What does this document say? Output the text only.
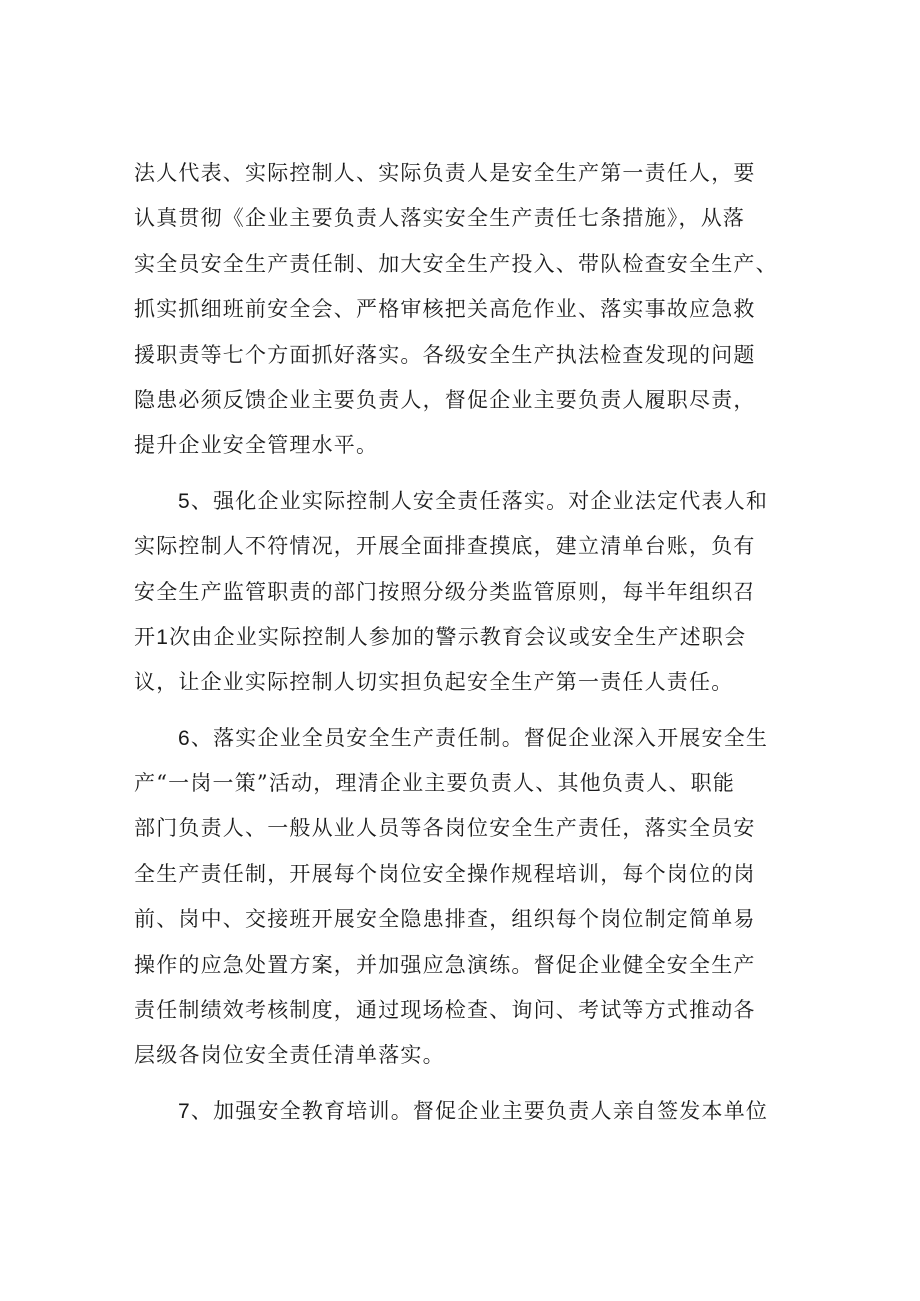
法人代表、实际控制人、实际负责人是安全生产第一责任人，要
认真贯彻《企业主要负责人落实安全生产责任七条措施》，从落
实全员安全生产责任制、加大安全生产投入、带队检查安全生产、
抓实抓细班前安全会、严格审核把关高危作业、落实事故应急救
援职责等七个方面抓好落实。各级安全生产执法检查发现的问题
隐患必须反馈企业主要负责人，督促企业主要负责人履职尽责，
提升企业安全管理水平。
5、强化企业实际控制人安全责任落实。对企业法定代表人和
实际控制人不符情况，开展全面排查摸底，建立清单台账，负有
安全生产监管职责的部门按照分级分类监管原则，每半年组织召
开1次由企业实际控制人参加的警示教育会议或安全生产述职会
议，让企业实际控制人切实担负起安全生产第一责任人责任。
6、落实企业全员安全生产责任制。督促企业深入开展安全生
产“一岗一策”活动，理清企业主要负责人、其他负责人、职能
部门负责人、一般从业人员等各岗位安全生产责任，落实全员安
全生产责任制，开展每个岗位安全操作规程培训，每个岗位的岗
前、岗中、交接班开展安全隐患排查，组织每个岗位制定简单易
操作的应急处置方案，并加强应急演练。督促企业健全安全生产
责任制绩效考核制度，通过现场检查、询问、考试等方式推动各
层级各岗位安全责任清单落实。
7、加强安全教育培训。督促企业主要负责人亲自签发本单位
